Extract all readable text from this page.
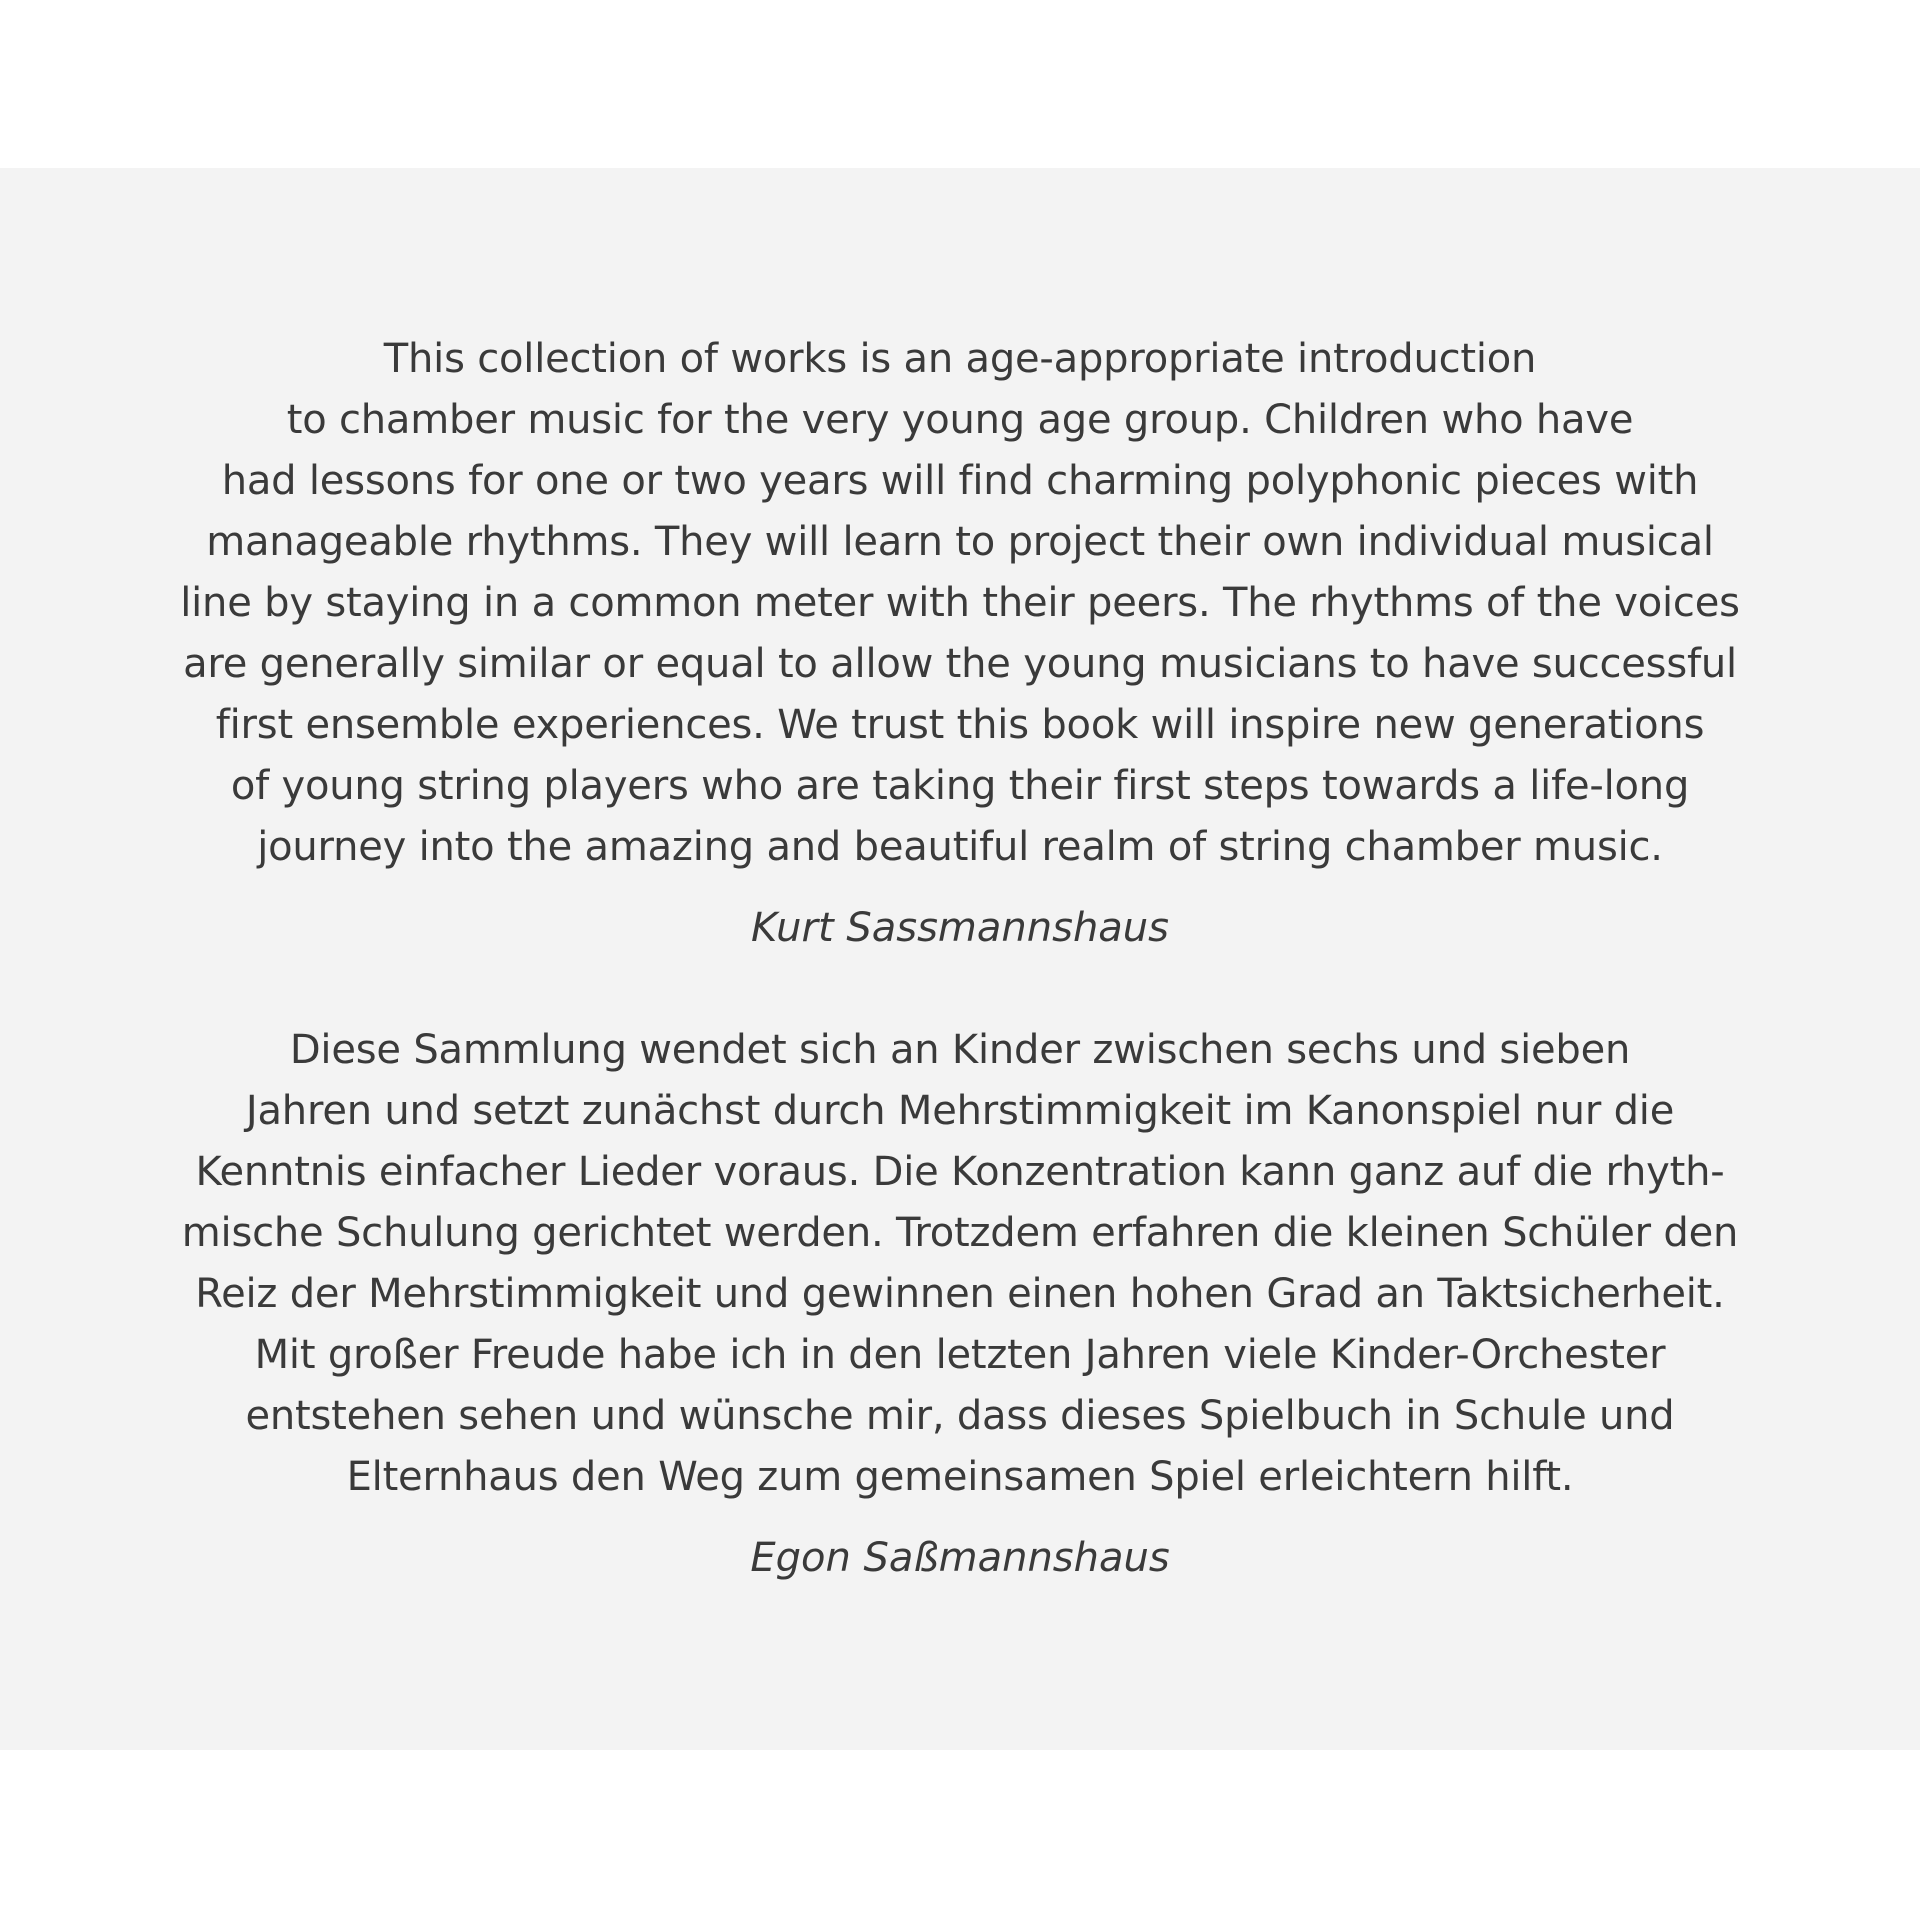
This collection of works is an age-appropriate introduction
to chamber music for the very young age group. Children who have
had lessons for one or two years will find charming polyphonic pieces with
manageable rhythms. They will learn to project their own individual musical
line by staying in a common meter with their peers. The rhythms of the voices
are generally similar or equal to allow the young musicians to have successful
first ensemble experiences. We trust this book will inspire new generations
of young string players who are taking their first steps towards a life-long
journey into the amazing and beautiful realm of string chamber music.
Kurt Sassmannshaus
Diese Sammlung wendet sich an Kinder zwischen sechs und sieben
Jahren und setzt zunächst durch Mehrstimmigkeit im Kanonspiel nur die
Kenntnis einfacher Lieder voraus. Die Konzentration kann ganz auf die rhyth-
mische Schulung gerichtet werden. Trotzdem erfahren die kleinen Schüler den
Reiz der Mehrstimmigkeit und gewinnen einen hohen Grad an Taktsicherheit.
Mit großer Freude habe ich in den letzten Jahren viele Kinder-Orchester
entstehen sehen und wünsche mir, dass dieses Spielbuch in Schule und
Elternhaus den Weg zum gemeinsamen Spiel erleichtern hilft.
Egon Saßmannshaus
